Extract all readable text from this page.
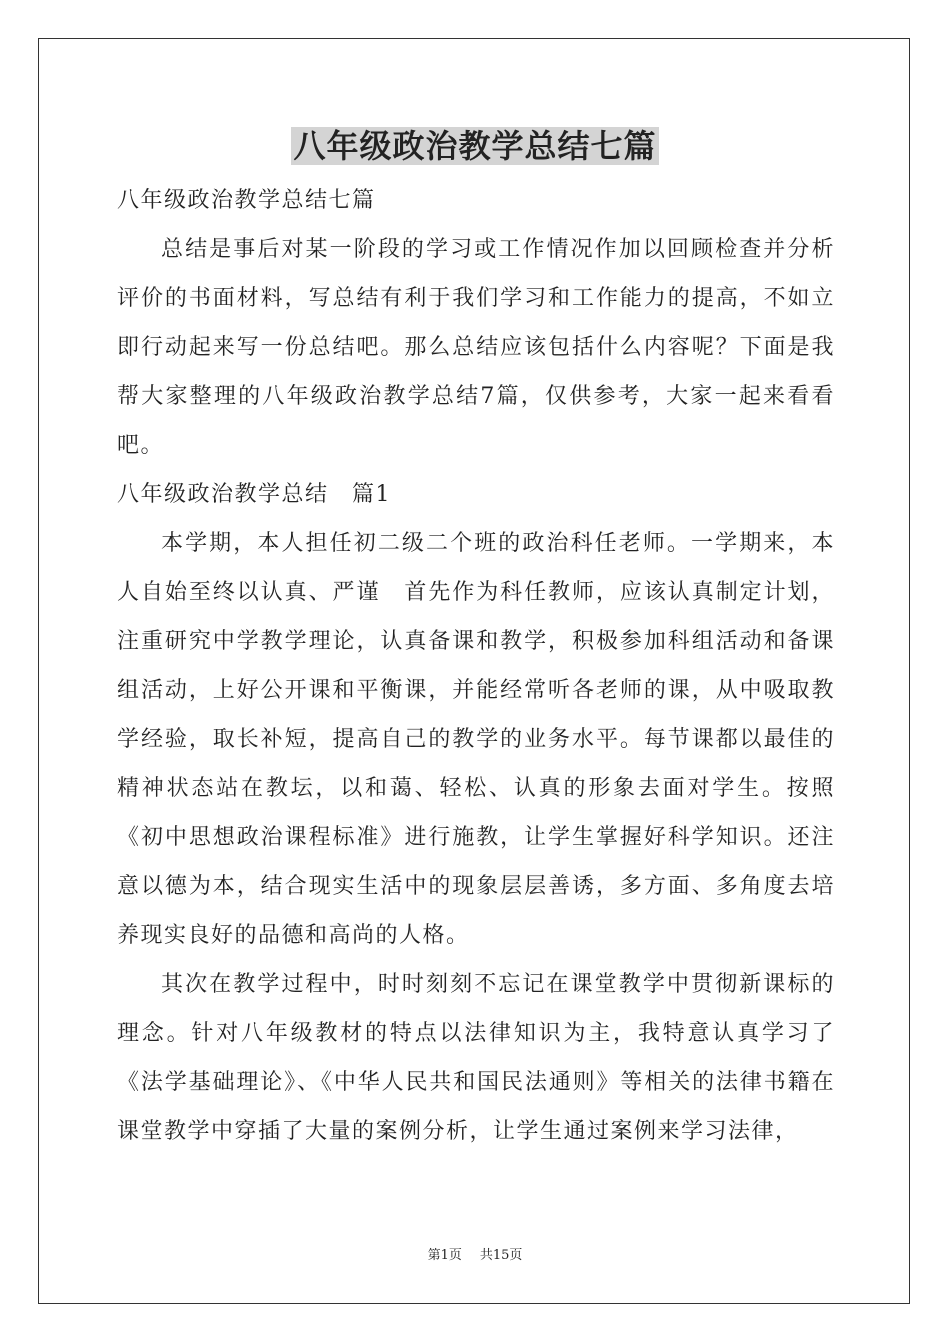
八年级政治教学总结七篇

八年级政治教学总结七篇

总结是事后对某一阶段的学习或工作情况作加以回顾检查并分析评价的书面材料，写总结有利于我们学习和工作能力的提高，不如立即行动起来写一份总结吧。那么总结应该包括什么内容呢？下面是我帮大家整理的八年级政治教学总结7篇，仅供参考，大家一起来看看吧。

八年级政治教学总结　篇1

本学期，本人担任初二级二个班的政治科任老师。一学期来，本人自始至终以认真、严谨　首先作为科任教师，应该认真制定计划，注重研究中学教学理论，认真备课和教学，积极参加科组活动和备课组活动，上好公开课和平衡课，并能经常听各老师的课，从中吸取教学经验，取长补短，提高自己的教学的业务水平。每节课都以最佳的精神状态站在教坛，以和蔼、轻松、认真的形象去面对学生。按照《初中思想政治课程标准》进行施教，让学生掌握好科学知识。还注意以德为本，结合现实生活中的现象层层善诱，多方面、多角度去培养现实良好的品德和高尚的人格。

其次在教学过程中，时时刻刻不忘记在课堂教学中贯彻新课标的理念。针对八年级教材的特点以法律知识为主，我特意认真学习了《法学基础理论》、《中华人民共和国民法通则》等相关的法律书籍在课堂教学中穿插了大量的案例分析，让学生通过案例来学习法律，

第1页 共15页
